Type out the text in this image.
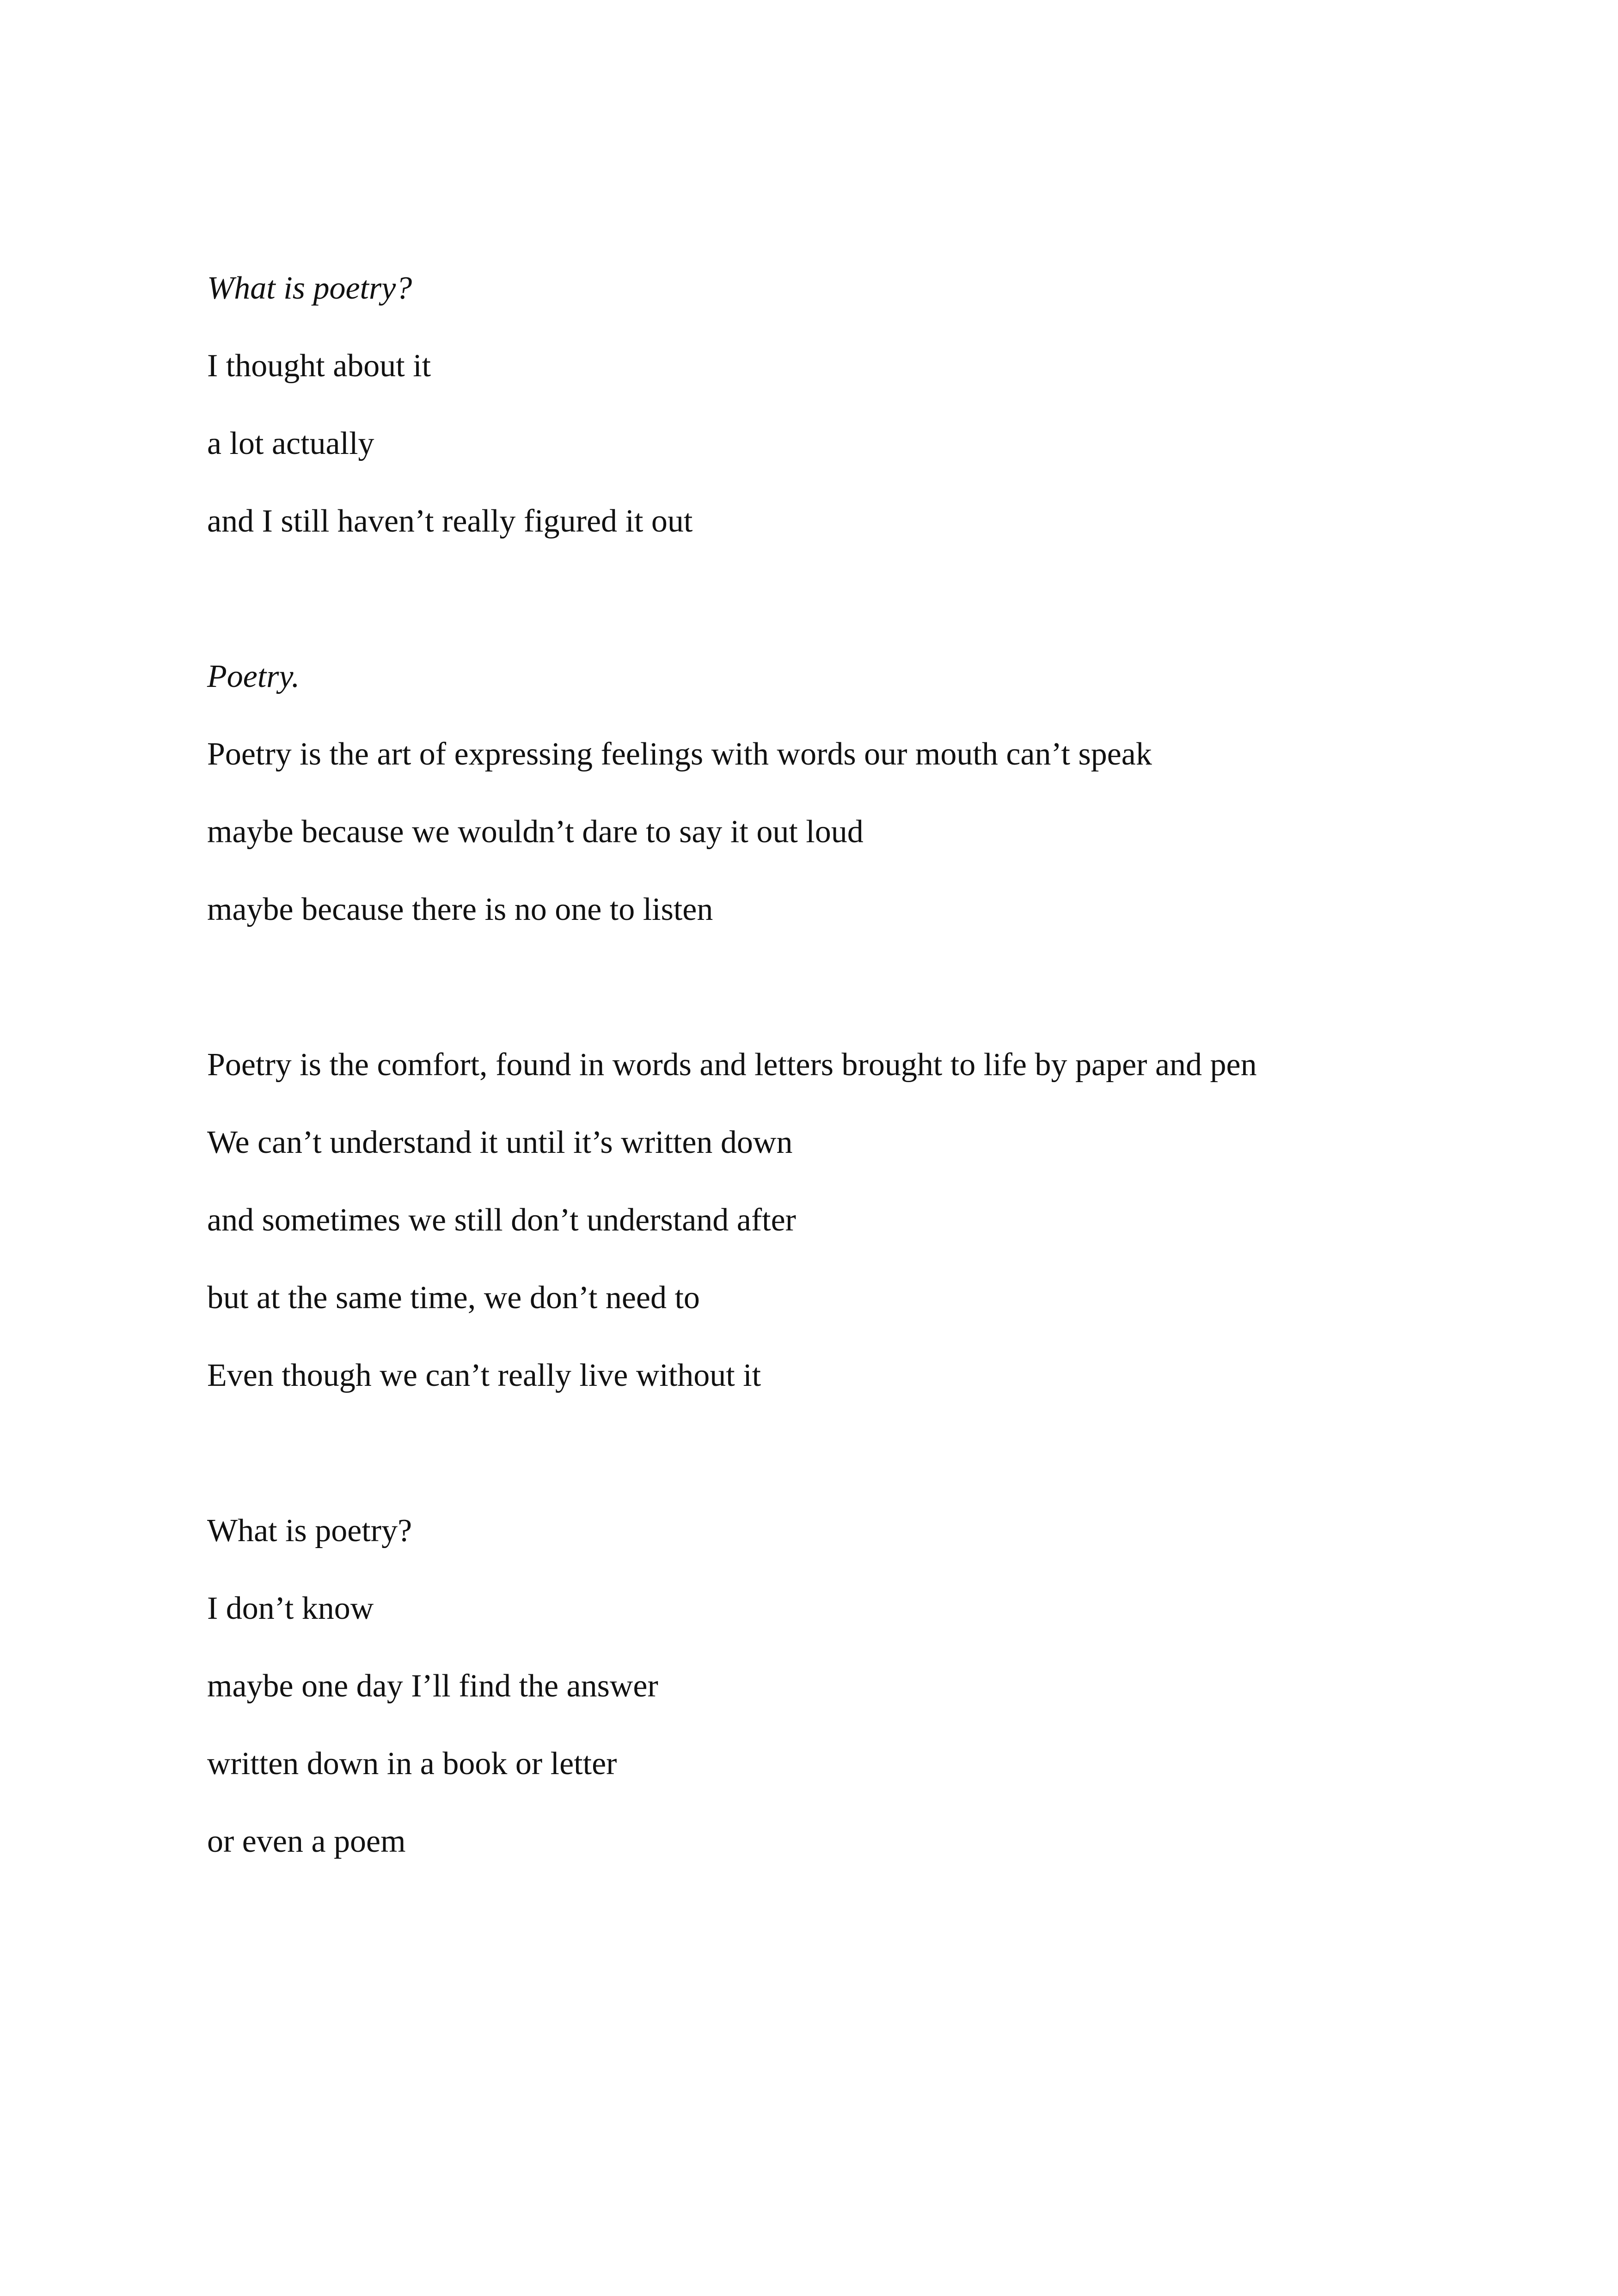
What is poetry?
I thought about it
a lot actually
and I still haven’t really figured it out
Poetry.
Poetry is the art of expressing feelings with words our mouth can’t speak
maybe because we wouldn’t dare to say it out loud
maybe because there is no one to listen
Poetry is the comfort, found in words and letters brought to life by paper and pen
We can’t understand it until it’s written down
and sometimes we still don’t understand after
but at the same time, we don’t need to
Even though we can’t really live without it
What is poetry?
I don’t know
maybe one day I’ll find the answer
written down in a book or letter
or even a poem
